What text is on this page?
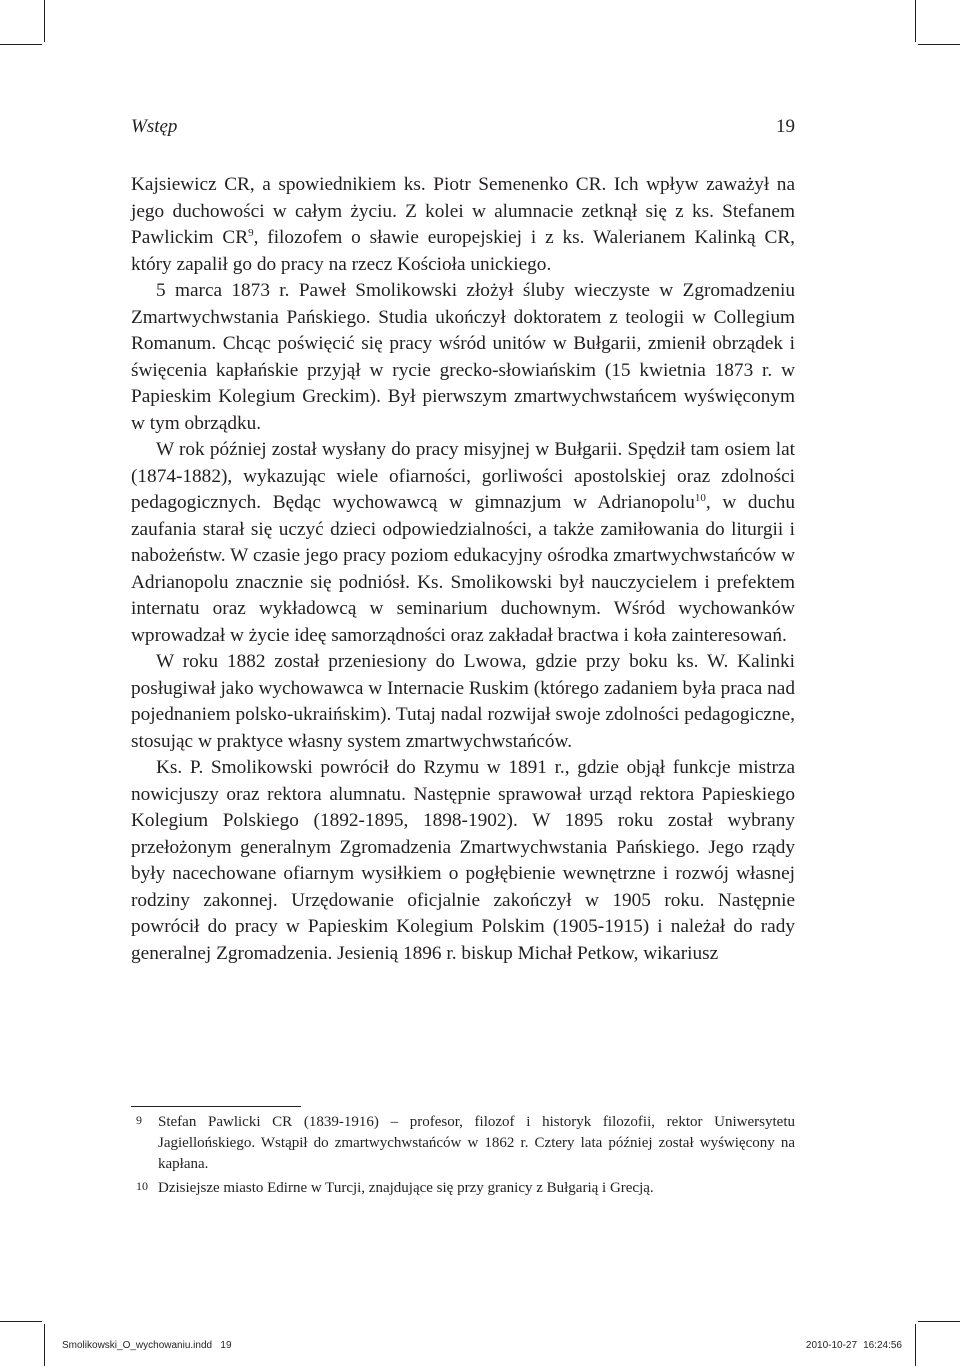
Wstęp	19

Kajsiewicz CR, a spowiednikiem ks. Piotr Semenenko CR. Ich wpływ zaważył na jego duchowości w całym życiu. Z kolei w alumnacie zetknął się z ks. Stefanem Pawlickim $CR^9$, filozofem o sławie europejskiej i z ks. Walerianem Kalinką CR, który zapalił go do pracy na rzecz Kościoła unickiego.

5 marca 1873 r. Paweł Smolikowski złożył śluby wieczyste w Zgromadzeniu Zmartwychwstania Pańskiego. Studia ukończył doktoratem z teologii w Collegium Romanum. Chcąc poświęcić się pracy wśród unitów w Bułgarii, zmienił obrządek i święcenia kapłańskie przyjął w rycie grecko-słowiańskim (15 kwietnia 1873 r. w Papieskim Kolegium Greckim). Był pierwszym zmartwychwstańcem wyświęconym w tym obrządku.

W rok później został wysłany do pracy misyjnej w Bułgarii. Spędził tam osiem lat (1874-1882), wykazując wiele ofiarności, gorliwości apostolskiej oraz zdolności pedagogicznych. Będąc wychowawcą w gimnazjum w Adrianopolu$^{10}$, w duchu zaufania starał się uczyć dzieci odpowiedzialności, a także zamiłowania do liturgii i nabożeństw. W czasie jego pracy poziom edukacyjny ośrodka zmartwychwstańców w Adrianopolu znacznie się podniósł. Ks. Smolikowski był nauczycielem i prefektem internatu oraz wykładowcą w seminarium duchownym. Wśród wychowanków wprowadzał w życie ideę samorządności oraz zakładał bractwa i koła zainteresowań.

W roku 1882 został przeniesiony do Lwowa, gdzie przy boku ks. W. Kalinki posługiwał jako wychowawca w Internacie Ruskim (którego zadaniem była praca nad pojednaniem polsko-ukraińskim). Tutaj nadal rozwijał swoje zdolności pedagogiczne, stosując w praktyce własny system zmartwychwstańców.

Ks. P. Smolikowski powrócił do Rzymu w 1891 r., gdzie objął funkcje mistrza nowicjuszy oraz rektora alumnatu. Następnie sprawował urząd rektora Papieskiego Kolegium Polskiego (1892-1895, 1898-1902). W 1895 roku został wybrany przełożonym generalnym Zgromadzenia Zmartwychwstania Pańskiego. Jego rządy były nacechowane ofiarnym wysiłkiem o pogłębienie wewnętrzne i rozwój własnej rodziny zakonnej. Urzędowanie oficjalnie zakończył w 1905 roku. Następnie powrócił do pracy w Papieskim Kolegium Polskim (1905-1915) i należał do rady generalnej Zgromadzenia. Jesienią 1896 r. biskup Michał Petkow, wikariusz

9 Stefan Pawlicki CR (1839-1916) – profesor, filozof i historyk filozofii, rektor Uniwersytetu Jagiellońskiego. Wstąpił do zmartwychwstańców w 1862 r. Cztery lata później został wyświęcony na kapłana.
10 Dzisiejsze miasto Edirne w Turcji, znajdujące się przy granicy z Bułgarią i Grecją.
Smolikowski_O_wychowaniu.indd   19	2010-10-27 16:24:56
